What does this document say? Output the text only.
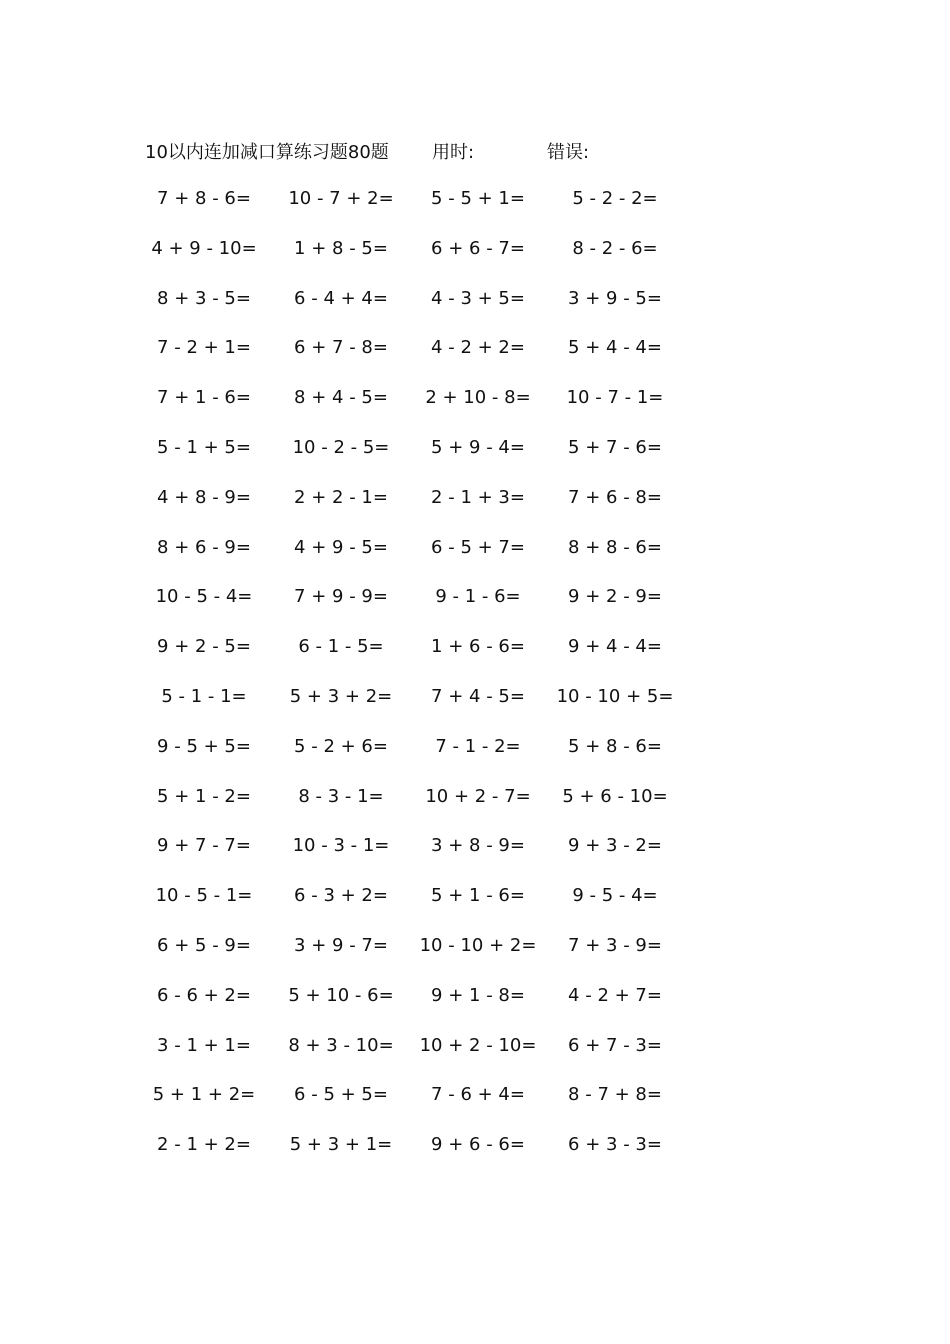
10以内连加减口算练习题80题 用时:	错误:
7 + 8 - 6=	10 - 7 + 2=	5 - 5 + 1=	5 - 2 - 2=
4 + 9 - 10=	1 + 8 - 5=	6 + 6 - 7=	8 - 2 - 6=
8 + 3 - 5=	6 - 4 + 4=	4 - 3 + 5=	3 + 9 - 5=
7 - 2 + 1=	6 + 7 - 8=	4 - 2 + 2=	5 + 4 - 4=
7 + 1 - 6=	8 + 4 - 5=	2 + 10 - 8=	10 - 7 - 1=
5 - 1 + 5=	10 - 2 - 5=	5 + 9 - 4=	5 + 7 - 6=
4 + 8 - 9=	2 + 2 - 1=	2 - 1 + 3=	7 + 6 - 8=
8 + 6 - 9=	4 + 9 - 5=	6 - 5 + 7=	8 + 8 - 6=
10 - 5 - 4=	7 + 9 - 9=	9 - 1 - 6=	9 + 2 - 9=
9 + 2 - 5=	6 - 1 - 5=	1 + 6 - 6=	9 + 4 - 4=
5 - 1 - 1=	5 + 3 + 2=	7 + 4 - 5=	10 - 10 + 5=
9 - 5 + 5=	5 - 2 + 6=	7 - 1 - 2=	5 + 8 - 6=
5 + 1 - 2=	8 - 3 - 1=	10 + 2 - 7=	5 + 6 - 10=
9 + 7 - 7=	10 - 3 - 1=	3 + 8 - 9=	9 + 3 - 2=
10 - 5 - 1=	6 - 3 + 2=	5 + 1 - 6=	9 - 5 - 4=
6 + 5 - 9=	3 + 9 - 7=	10 - 10 + 2=	7 + 3 - 9=
6 - 6 + 2=	5 + 10 - 6=	9 + 1 - 8=	4 - 2 + 7=
3 - 1 + 1=	8 + 3 - 10=	10 + 2 - 10=	6 + 7 - 3=
5 + 1 + 2=	6 - 5 + 5=	7 - 6 + 4=	8 - 7 + 8=
2 - 1 + 2=	5 + 3 + 1=	9 + 6 - 6=	6 + 3 - 3=
